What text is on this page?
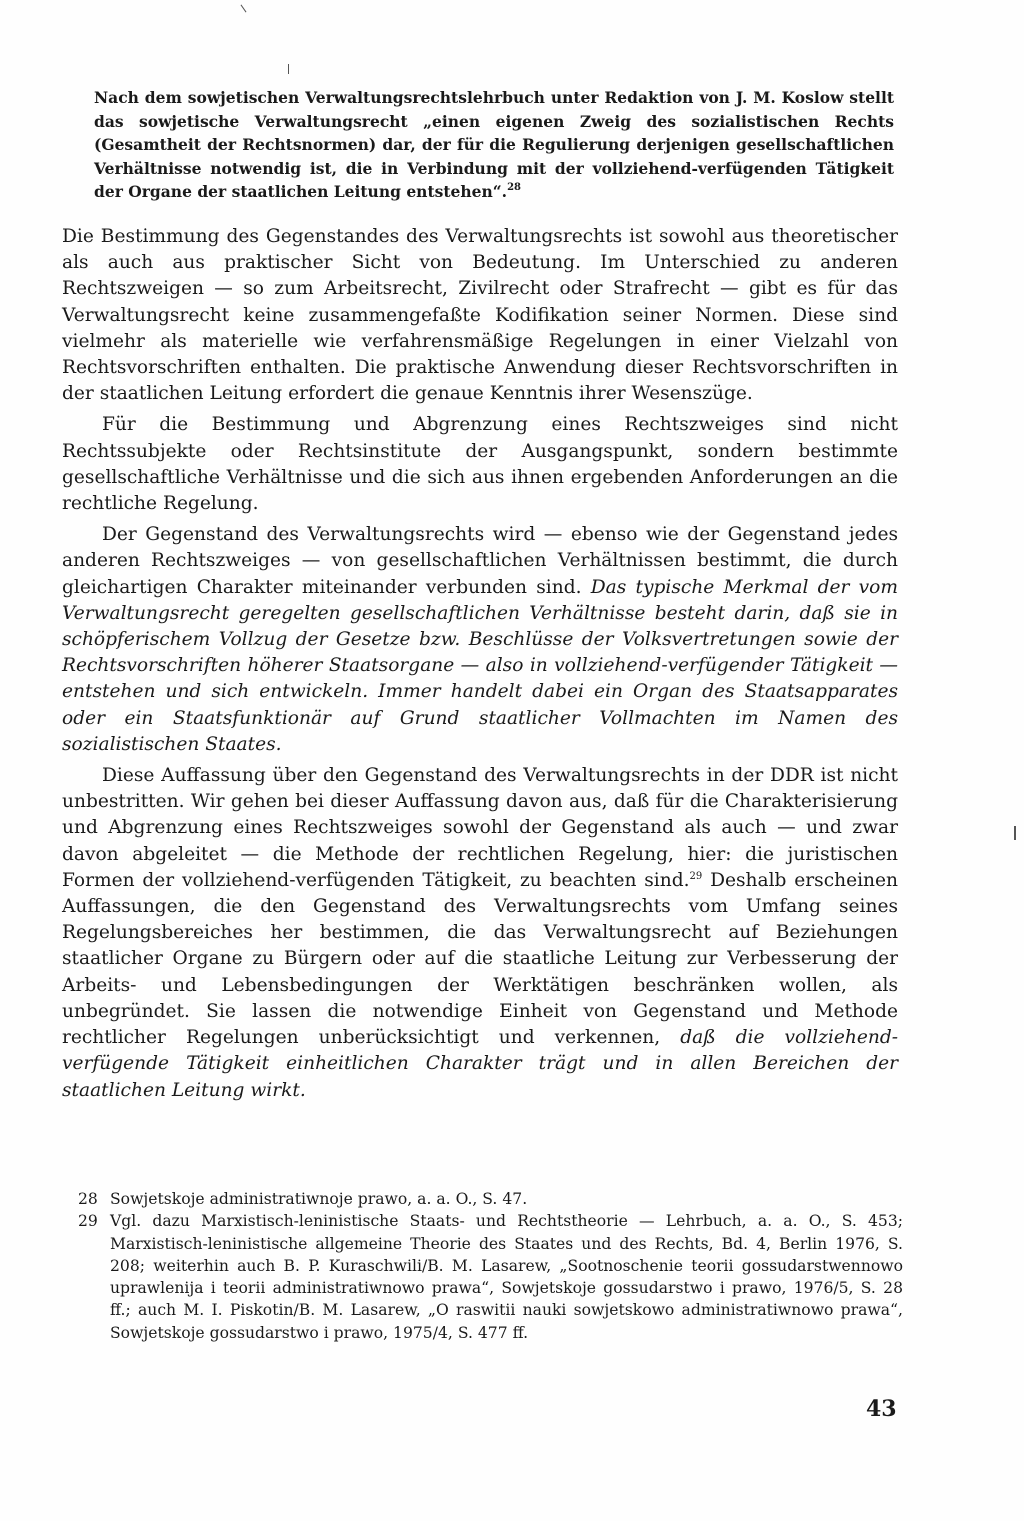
Nach dem sowjetischen Verwaltungsrechtslehrbuch unter Redaktion von J. M. Koslow stellt das sowjetische Verwaltungsrecht „einen eigenen Zweig des sozialistischen Rechts (Gesamtheit der Rechtsnormen) dar, der für die Regulierung derjenigen gesellschaftlichen Verhältnisse notwendig ist, die in Verbindung mit der vollziehend-verfügenden Tätigkeit der Organe der staatlichen Leitung entstehen“.$^{28}$

Die Bestimmung des Gegenstandes des Verwaltungsrechts ist sowohl aus theoretischer als auch aus praktischer Sicht von Bedeutung. Im Unterschied zu anderen Rechtszweigen — so zum Arbeitsrecht, Zivilrecht oder Strafrecht — gibt es für das Verwaltungsrecht keine zusammengefaßte Kodifikation seiner Normen. Diese sind vielmehr als materielle wie verfahrensmäßige Regelungen in einer Vielzahl von Rechtsvorschriften enthalten. Die praktische Anwendung dieser Rechtsvorschriften in der staatlichen Leitung erfordert die genaue Kenntnis ihrer Wesenszüge.

Für die Bestimmung und Abgrenzung eines Rechtszweiges sind nicht Rechtssubjekte oder Rechtsinstitute der Ausgangspunkt, sondern bestimmte gesellschaftliche Verhältnisse und die sich aus ihnen ergebenden Anforderungen an die rechtliche Regelung.

Der Gegenstand des Verwaltungsrechts wird — ebenso wie der Gegenstand jedes anderen Rechtszweiges — von gesellschaftlichen Verhältnissen bestimmt, die durch gleichartigen Charakter miteinander verbunden sind. Das typische Merkmal der vom Verwaltungsrecht geregelten gesellschaftlichen Verhältnisse besteht darin, daß sie in schöpferischem Vollzug der Gesetze bzw. Beschlüsse der Volksvertretungen sowie der Rechtsvorschriften höherer Staatsorgane — also in vollziehend-verfügender Tätigkeit — entstehen und sich entwickeln. Immer handelt dabei ein Organ des Staatsapparates oder ein Staatsfunktionär auf Grund staatlicher Vollmachten im Namen des sozialistischen Staates.

Diese Auffassung über den Gegenstand des Verwaltungsrechts in der DDR ist nicht unbestritten. Wir gehen bei dieser Auffassung davon aus, daß für die Charakterisierung und Abgrenzung eines Rechtszweiges sowohl der Gegenstand als auch — und zwar davon abgeleitet — die Methode der rechtlichen Regelung, hier: die juristischen Formen der vollziehend-verfügenden Tätigkeit, zu beachten sind.$^{29}$ Deshalb erscheinen Auffassungen, die den Gegenstand des Verwaltungsrechts vom Umfang seines Regelungsbereiches her bestimmen, die das Verwaltungsrecht auf Beziehungen staatlicher Organe zu Bürgern oder auf die staatliche Leitung zur Verbesserung der Arbeits- und Lebensbedingungen der Werktätigen beschränken wollen, als unbegründet. Sie lassen die notwendige Einheit von Gegenstand und Methode rechtlicher Regelungen unberücksichtigt und verkennen, daß die vollziehend-verfügende Tätigkeit einheitlichen Charakter trägt und in allen Bereichen der staatlichen Leitung wirkt.

28 Sowjetskoje administratiwnoje prawo, a. a. O., S. 47.
29 Vgl. dazu Marxistisch-leninistische Staats- und Rechtstheorie — Lehrbuch, a. a. O., S. 453; Marxistisch-leninistische allgemeine Theorie des Staates und des Rechts, Bd. 4, Berlin 1976, S. 208; weiterhin auch B. P. Kuraschwili/B. M. Lasarew, „Sootnoschenie teorii gossudarstwennowo uprawlenija i teorii administratiwnowo prawa“, Sowjetskoje gossudarstwo i prawo, 1976/5, S. 28 ff.; auch M. I. Piskotin/B. M. Lasarew, „O raswitii nauki sowjetskowo administratiwnowo prawa“, Sowjetskoje gossudarstwo i prawo, 1975/4, S. 477 ff.
43
